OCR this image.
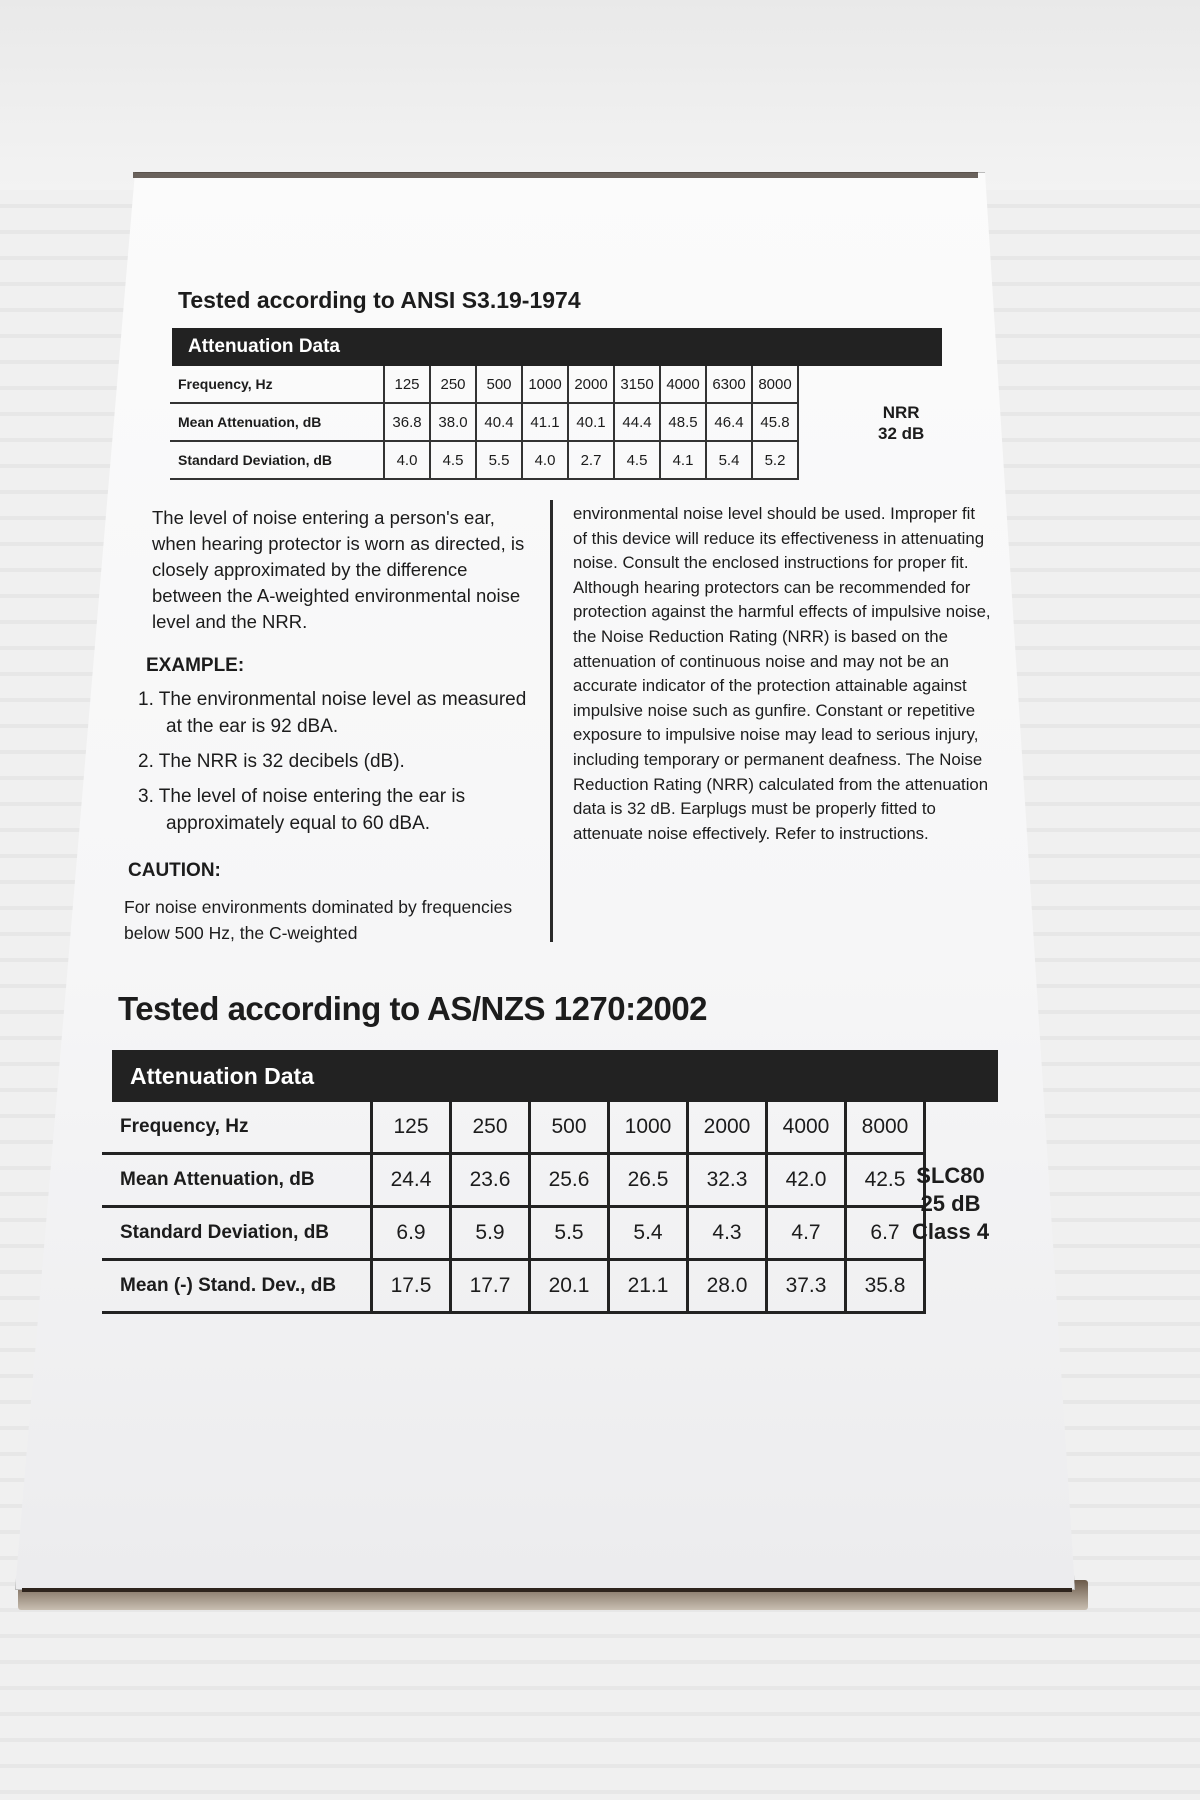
Tested according to ANSI S3.19-1974
Attenuation Data
Frequency, Hz	125	250	500	1000	2000	3150	4000	6300	8000
Mean Attenuation, dB	36.8	38.0	40.4	41.1	40.1	44.4	48.5	46.4	45.8
Standard Deviation, dB	4.0	4.5	5.5	4.0	2.7	4.5	4.1	5.4	5.2
NRR
32 dB
The level of noise entering a person's ear, when hearing protector is worn as directed, is closely approximated by the difference between the A-weighted environmental noise level and the NRR.
EXAMPLE:
1. The environmental noise level as measured at the ear is 92 dBA.
2. The NRR is 32 decibels (dB).
3. The level of noise entering the ear is approximately equal to 60 dBA.
CAUTION:
For noise environments dominated by frequencies below 500 Hz, the C-weighted
environmental noise level should be used. Improper fit of this device will reduce its effectiveness in attenuating noise. Consult the enclosed instructions for proper fit. Although hearing protectors can be recommended for protection against the harmful effects of impulsive noise, the Noise Reduction Rating (NRR) is based on the attenuation of continuous noise and may not be an accurate indicator of the protection attainable against impulsive noise such as gunfire. Constant or repetitive exposure to impulsive noise may lead to serious injury, including temporary or permanent deafness. The Noise Reduction Rating (NRR) calculated from the attenuation data is 32 dB. Earplugs must be properly fitted to attenuate noise effectively. Refer to instructions.
Tested according to AS/NZS 1270:2002
Attenuation Data
Frequency, Hz	125	250	500	1000	2000	4000	8000
Mean Attenuation, dB	24.4	23.6	25.6	26.5	32.3	42.0	42.5
Standard Deviation, dB	6.9	5.9	5.5	5.4	4.3	4.7	6.7
Mean (-) Stand. Dev., dB	17.5	17.7	20.1	21.1	28.0	37.3	35.8
SLC80
25 dB
Class 4
